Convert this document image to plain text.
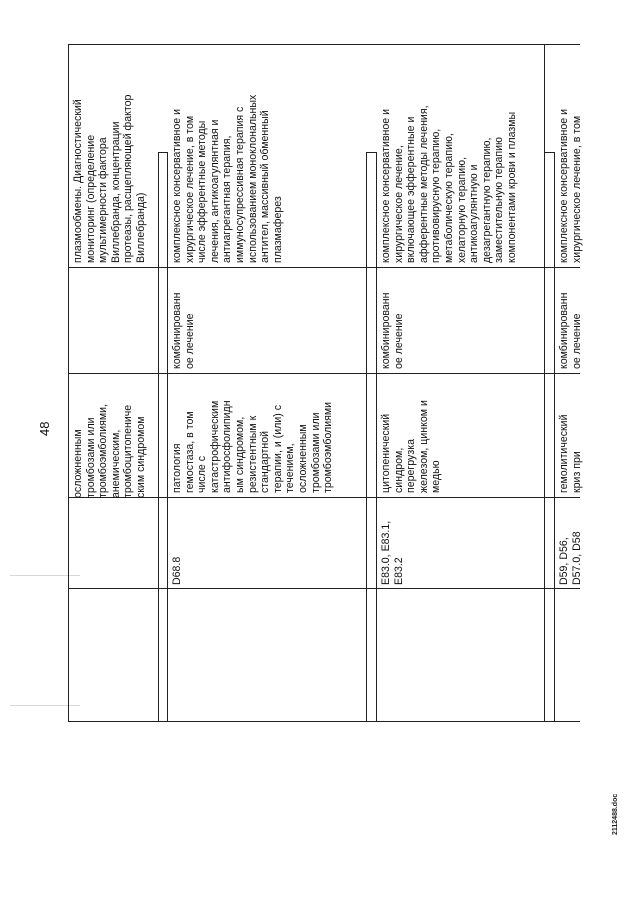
48
2112488.doc
осложненным
тромбозами или
тромбоэмболиями,
анемическим,
тромбоцитопениче
ским синдромом
плазмообмены. Диагностический
мониторинг (определение
мультимерности фактора
Виллебранда, концентрации
протеазы, расщепляющей фактор
Виллебранда)
D68.8
патология
гемостаза, в том
числе с
катастрофическим
антифосфолипидн
ым синдромом,
резистентным к
стандартной
терапии, и (или) с
течением,
осложненным
тромбозами или
тромбоэмболиями
комбинированн
ое лечение
комплексное консервативное и
хирургическое лечение, в том
числе эфферентные методы
лечения, антикоагулянтная и
антиагрегантная терапия,
иммуносупрессивная терапия с
использованием моноклональных
антител, массивный обменный
плазмаферез
E83.0, E83.1,
E83.2
цитопенический
синдром,
перегрузка
железом, цинком и
медью
комбинированн
ое лечение
комплексное консервативное и
хирургическое лечение,
включающее эфферентные и
афферентные методы лечения,
противовирусную терапию,
метаболическую терапию,
хелаторную терапию,
антикоагулянтную и
дезагрегантную терапию,
заместительную терапию
компонентами крови и плазмы
D59, D56,
D57.0, D58
гемолитический
криз при
комбинированн
ое лечение
комплексное консервативное и
хирургическое лечение, в том
